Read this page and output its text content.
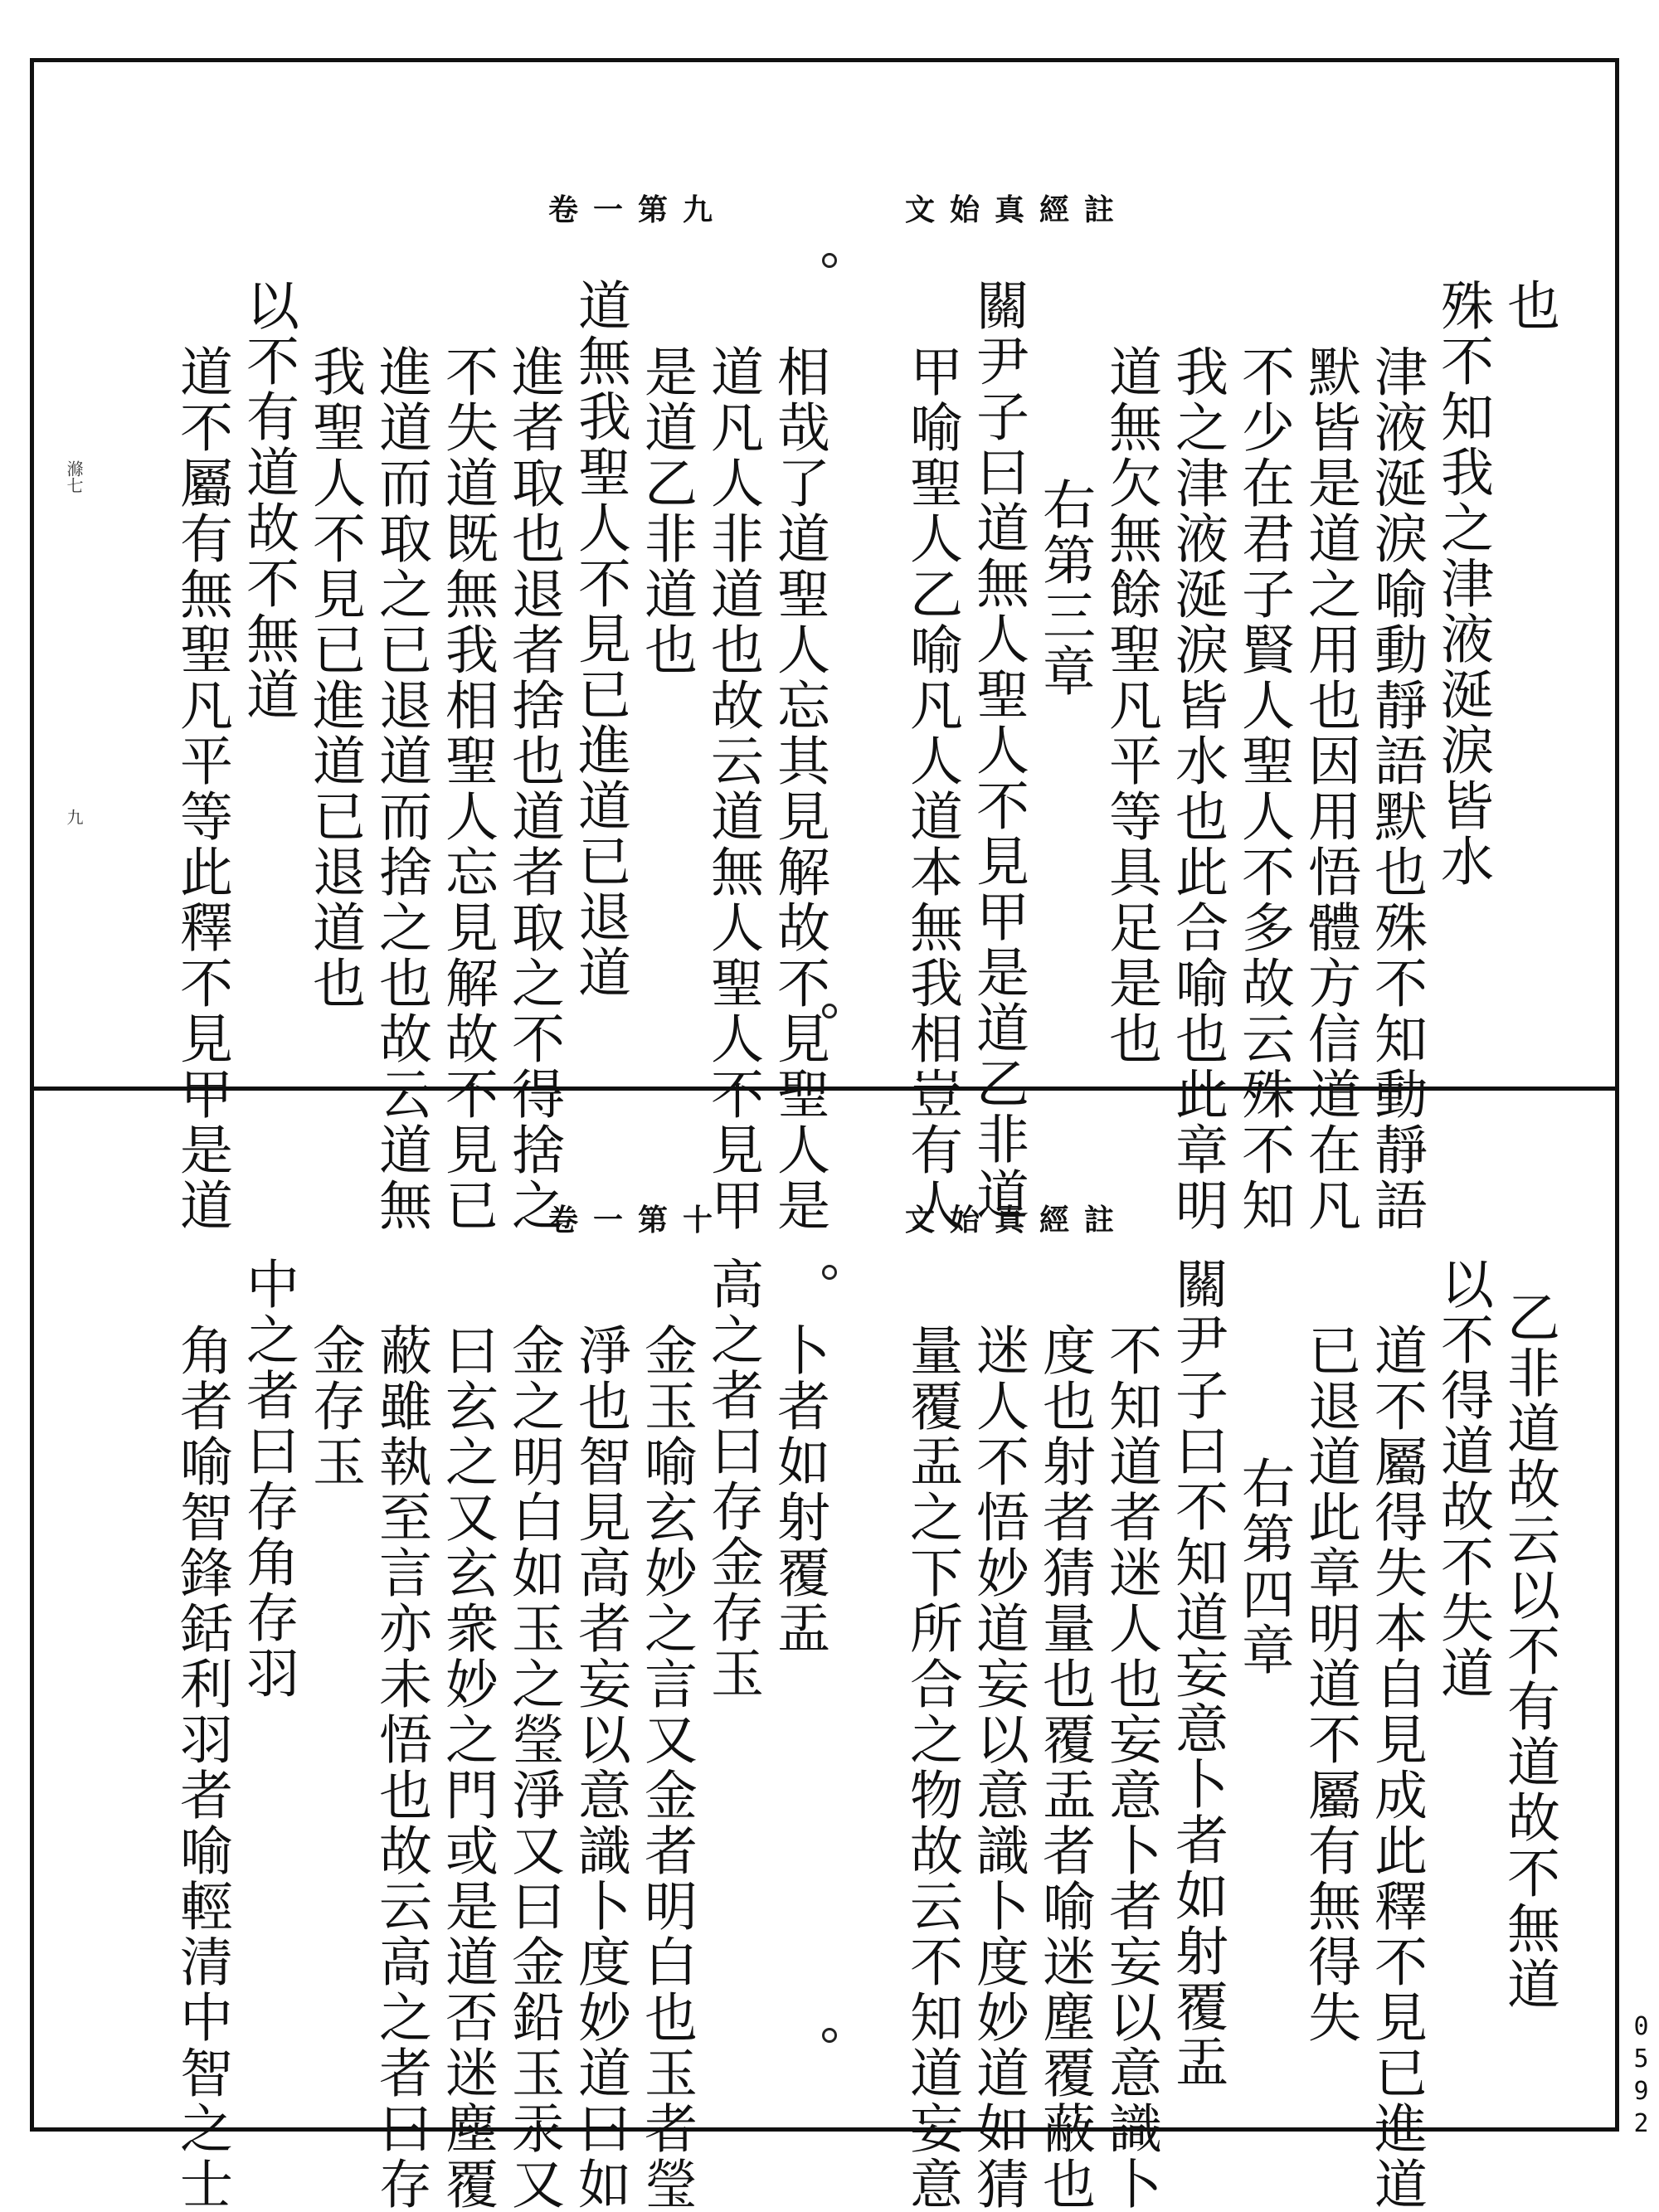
文始真經註
卷一第九
滌七
九
也
殊不知我之津液涎淚皆水
津液涎淚喻動靜語默也殊不知動靜語
默皆是道之用也因用悟體方信道在凡
不少在君子賢人聖人不多故云殊不知
我之津液涎淚皆水也此合喻也此章明
道無欠無餘聖凡平等具足是也
右第三章
關尹子曰道無人聖人不見甲是道乙非道
甲喻聖人乙喻凡人道本無我相豈有人
相哉了道聖人忘其見解故不見聖人是
道凡人非道也故云道無人聖人不見甲
是道乙非道也
道無我聖人不見已進道已退道
進者取也退者捨也道者取之不得捨之
不失道既無我相聖人忘見解故不見已
進道而取之已退道而捨之也故云道無
我聖人不見已進道已退道也
以不有道故不無道
道不屬有無聖凡平等此釋不見甲是道	文始真經註
卷一第十
乙非道故云以不有道故不無道
以不得道故不失道
道不屬得失本自見成此釋不見已進道
已退道此章明道不屬有無得失
右第四章
關尹子曰不知道妄意卜者如射覆盂
不知道者迷人也妄意卜者妄以意識卜
度也射者猜量也覆盂者喻迷塵覆蔽也
迷人不悟妙道妄以意識卜度妙道如猜
量覆盂之下所合之物故云不知道妄意
卜者如射覆盂
高之者曰存金存玉
金玉喻玄妙之言又金者明白也玉者瑩
淨也智見高者妄以意識卜度妙道曰如
金之明白如玉之瑩淨又曰金鉛玉汞又
曰玄之又玄衆妙之門或是道否迷塵覆
蔽雖執至言亦未悟也故云高之者曰存
金存玉
中之者曰存角存羽
角者喻智鋒銛利羽者喻輕清中智之士	0592
